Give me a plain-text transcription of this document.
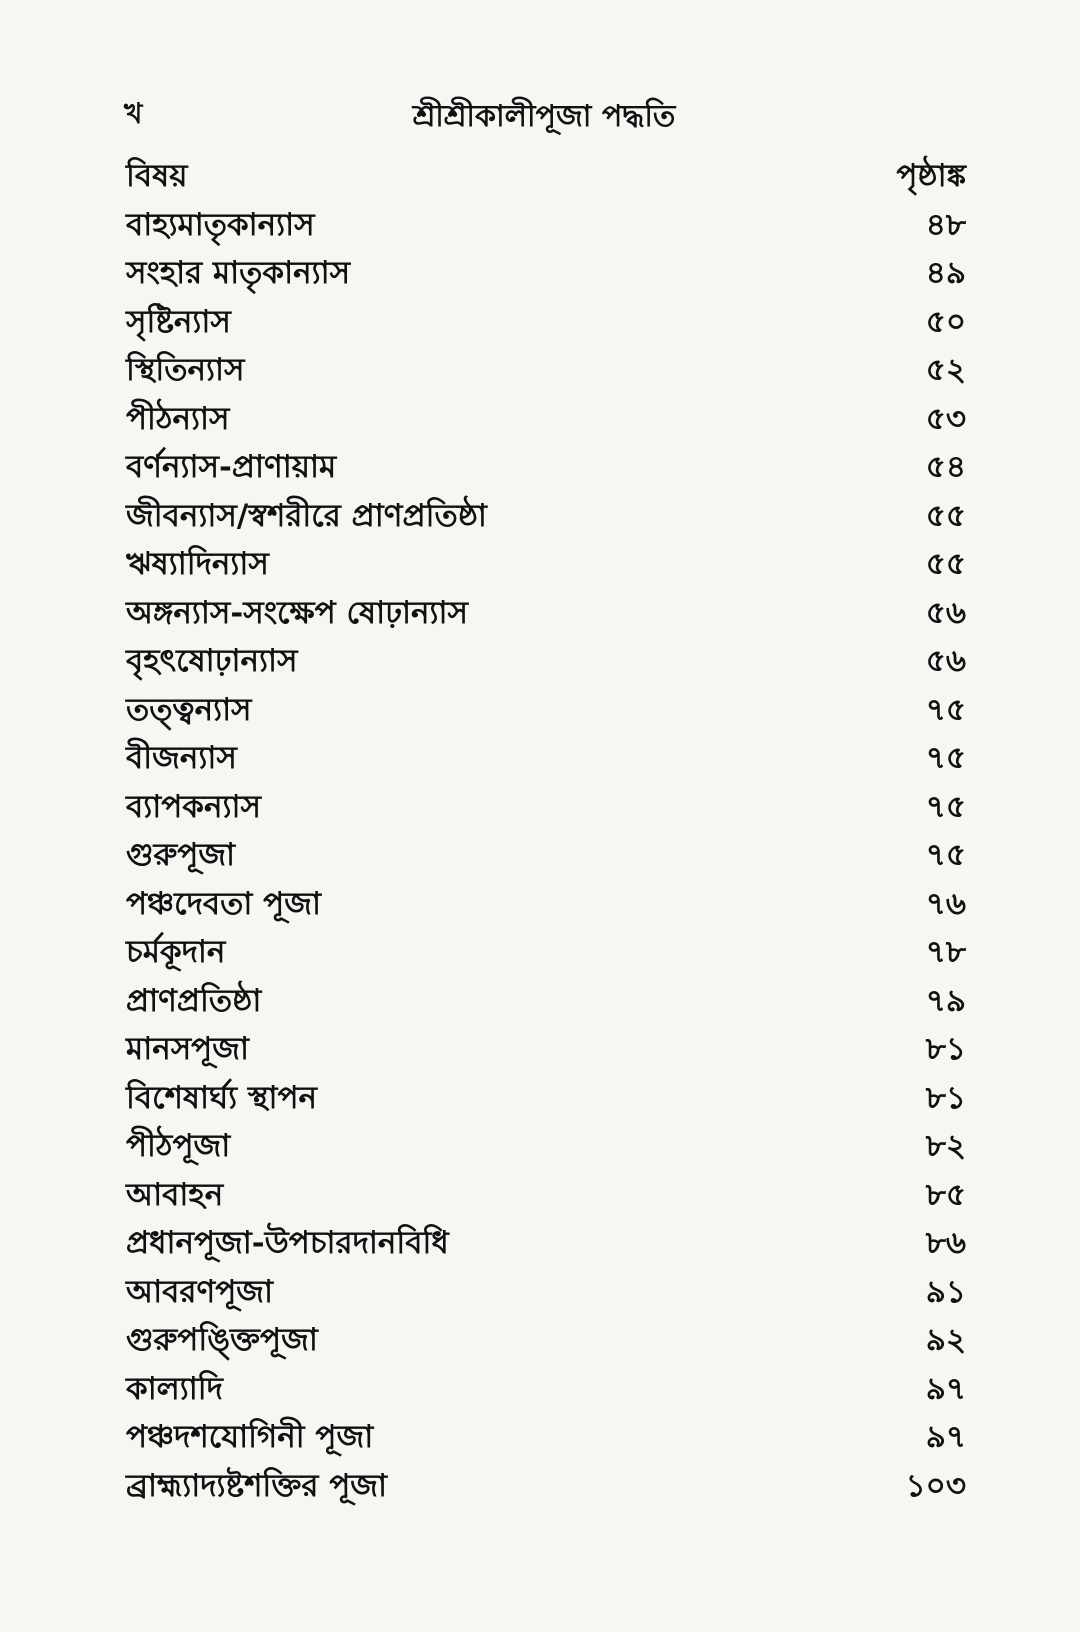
খ	শ্রীশ্রীকালীপূজা পদ্ধতি
বিষয়	পৃষ্ঠাঙ্ক
বাহ্যমাতৃকান্যাস	৪৮
সংহার মাতৃকান্যাস	৪৯
সৃষ্টিন্যাস	৫০
স্থিতিন্যাস	৫২
পীঠন্যাস	৫৩
বর্ণন্যাস-প্রাণায়াম	৫৪
জীবন্যাস/স্বশরীরে প্রাণপ্রতিষ্ঠা	৫৫
ঋষ্যাদিন্যাস	৫৫
অঙ্গন্যাস-সংক্ষেপ ষোঢ়ান্যাস	৫৬
বৃহৎষোঢ়ান্যাস	৫৬
তত্ত্বন্যাস	৭৫
বীজন্যাস	৭৫
ব্যাপকন্যাস	৭৫
গুরুপূজা	৭৫
পঞ্চদেবতা পূজা	৭৬
চর্মকূদান	৭৮
প্রাণপ্রতিষ্ঠা	৭৯
মানসপূজা	৮১
বিশেষার্ঘ্য স্থাপন	৮১
পীঠপূজা	৮২
আবাহন	৮৫
প্রধানপূজা-উপচারদানবিধি	৮৬
আবরণপূজা	৯১
গুরুপঙ্ক্তিপূজা	৯২
কাল্যাদি	৯৭
পঞ্চদশযোগিনী পূজা	৯৭
ব্রাহ্ম্যাদ্যষ্টশক্তির পূজা	১০৩
